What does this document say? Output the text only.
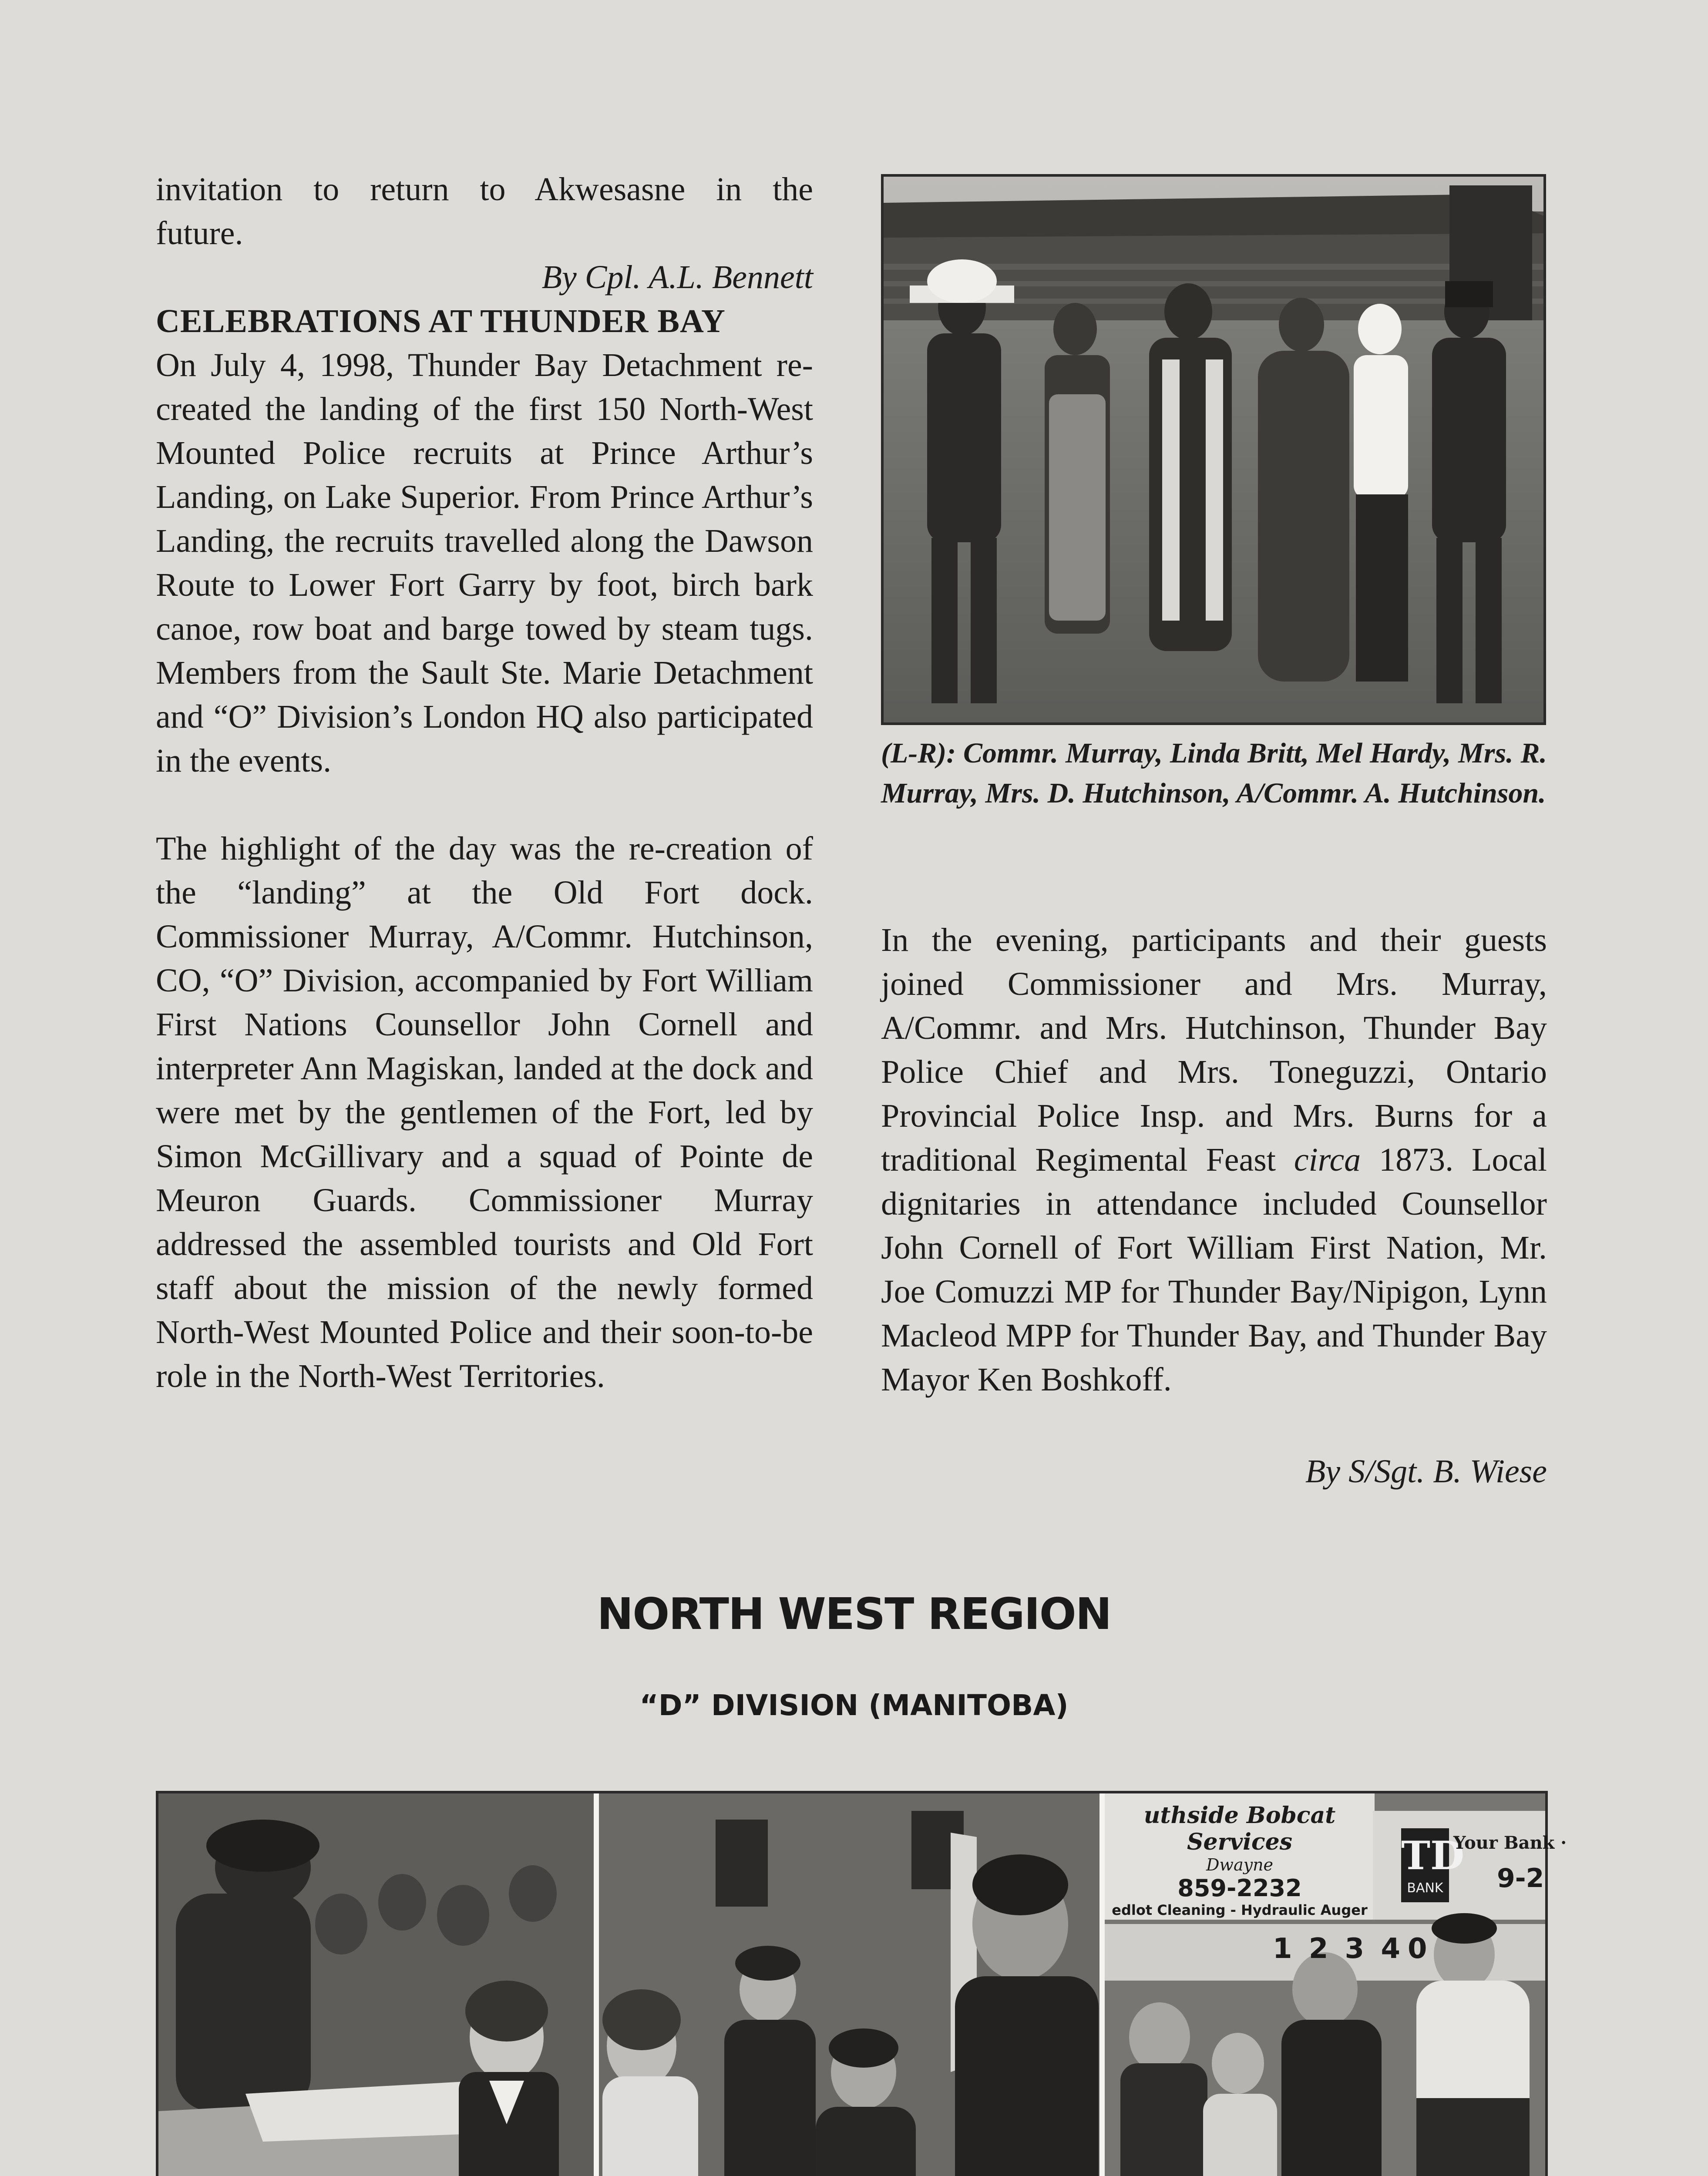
invitation to return to Akwesasne in the

future.

By Cpl. A.L. Bennett

CELEBRATIONS AT THUNDER BAY

On July 4, 1998, Thunder Bay Detachment re-created the landing of the first 150 North-West Mounted Police recruits at Prince Arthur’s Landing, on Lake Superior. From Prince Arthur’s Landing, the recruits travelled along the Dawson Route to Lower Fort Garry by foot, birch bark canoe, row boat and barge towed by steam tugs. Members from the Sault Ste. Marie Detachment and “O” Division’s London HQ also participated in the events.

The highlight of the day was the re-creation of the “landing” at the Old Fort dock. Commissioner Murray, A/Commr. Hutchinson, CO, “O” Division, accompanied by Fort William First Nations Counsellor John Cornell and interpreter Ann Magiskan, landed at the dock and were met by the gentlemen of the Fort, led by Simon McGillivary and a squad of Pointe de Meuron Guards. Commissioner Murray addressed the assembled tourists and Old Fort staff about the mission of the newly formed North-West Mounted Police and their soon-to-be role in the North-West Territories.

(L-R): Commr. Murray, Linda Britt, Mel Hardy, Mrs. R. Murray, Mrs. D. Hutchinson, A/Commr. A. Hutchinson.

In the evening, participants and their guests joined Commissioner and Mrs. Murray, A/Commr. and Mrs. Hutchinson, Thunder Bay Police Chief and Mrs. Toneguzzi, Ontario Provincial Police Insp. and Mrs. Burns for a traditional Regimental Feast circa 1873. Local dignitaries in attendance included Counsellor John Cornell of Fort William First Nation, Mr. Joe Comuzzi MP for Thunder Bay/Nipigon, Lynn Macleod MPP for Thunder Bay, and Thunder Bay Mayor Ken Boshkoff.

By S/Sgt. B. Wiese

NORTH WEST REGION
“D” DIVISION (MANITOBA)
uthside Bobcat Services
Dwayne
859-2232
edlot Cleaning - Hydraulic Auger
TD
BANK
Your Bank ·
9-2
1 2 3 4 0
